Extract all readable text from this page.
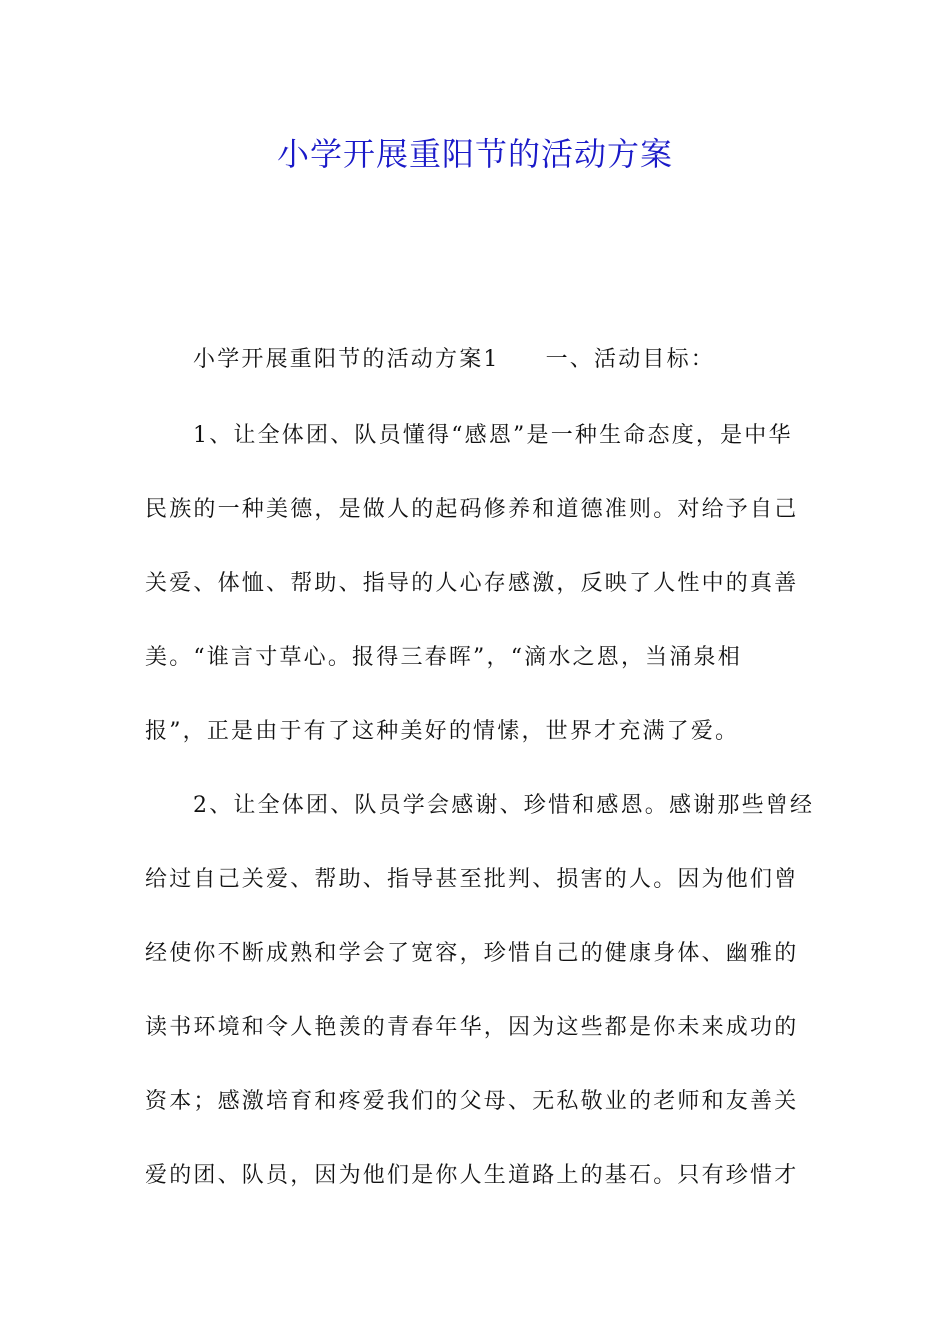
小学开展重阳节的活动方案

小学开展重阳节的活动方案1 一、活动目标：

1、让全体团、队员懂得“感恩”是一种生命态度，是中华

民族的一种美德，是做人的起码修养和道德准则。对给予自己

关爱、体恤、帮助、指导的人心存感激，反映了人性中的真善

美。“谁言寸草心。报得三春晖”，“滴水之恩，当涌泉相

报”，正是由于有了这种美好的情愫，世界才充满了爱。

2、让全体团、队员学会感谢、珍惜和感恩。感谢那些曾经

给过自己关爱、帮助、指导甚至批判、损害的人。因为他们曾

经使你不断成熟和学会了宽容，珍惜自己的健康身体、幽雅的

读书环境和令人艳羡的青春年华，因为这些都是你未来成功的

资本；感激培育和疼爱我们的父母、无私敬业的老师和友善关

爱的团、队员，因为他们是你人生道路上的基石。只有珍惜才
